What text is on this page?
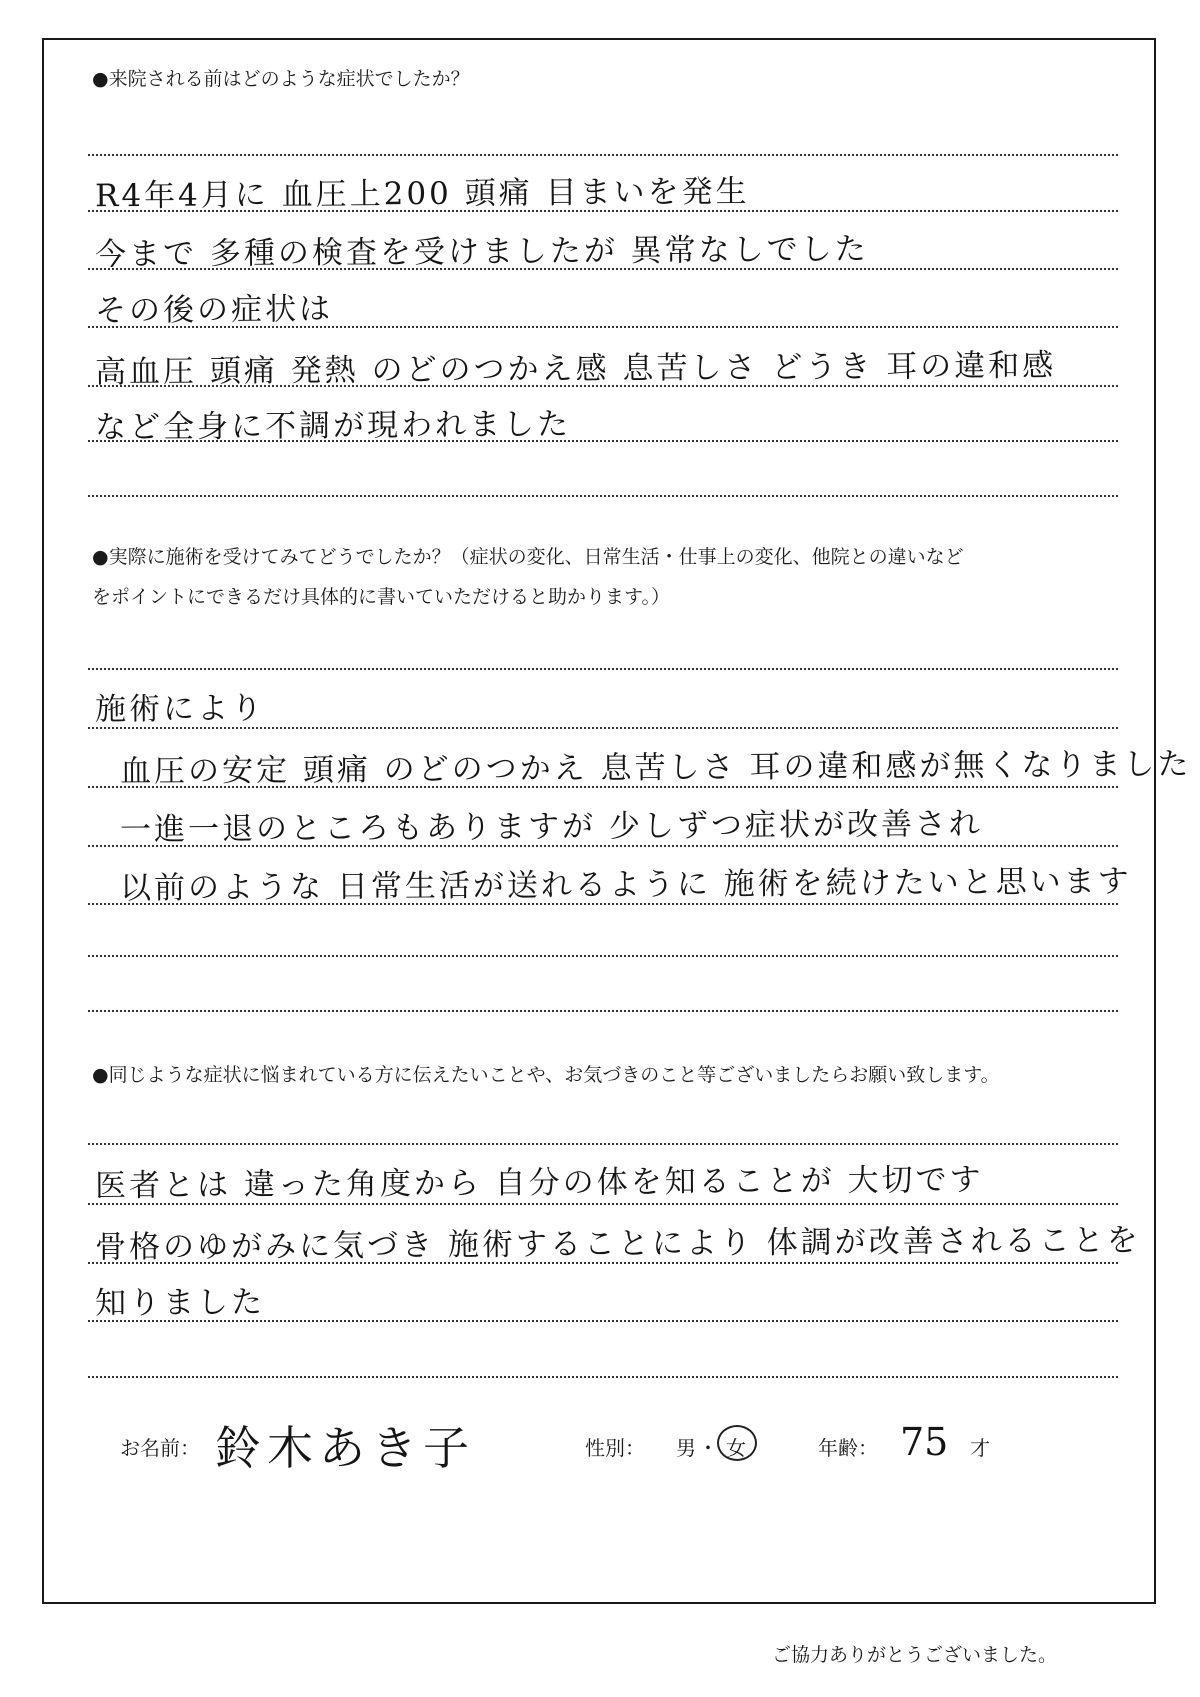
●来院される前はどのような症状でしたか？
R4年4月に 血圧上200 頭痛 目まいを発生
今まで 多種の検査を受けましたが 異常なしでした
その後の症状は
高血圧 頭痛 発熱 のどのつかえ感 息苦しさ どうき 耳の違和感
など全身に不調が現われました
●実際に施術を受けてみてどうでしたか？（症状の変化、日常生活・仕事上の変化、他院との違いなど
をポイントにできるだけ具体的に書いていただけると助かります。）
施術により
血圧の安定 頭痛 のどのつかえ 息苦しさ 耳の違和感が無くなりました
一進一退のところもありますが 少しずつ症状が改善され
以前のような 日常生活が送れるように 施術を続けたいと思います
●同じような症状に悩まれている方に伝えたいことや、お気づきのこと等ございましたらお願い致します。
医者とは 違った角度から 自分の体を知ることが 大切です
骨格のゆがみに気づき 施術することにより 体調が改善されることを
知りました
お名前： 鈴木あき子	性別： 男 ・ 女	年齢： 75 才
ご協力ありがとうございました。
